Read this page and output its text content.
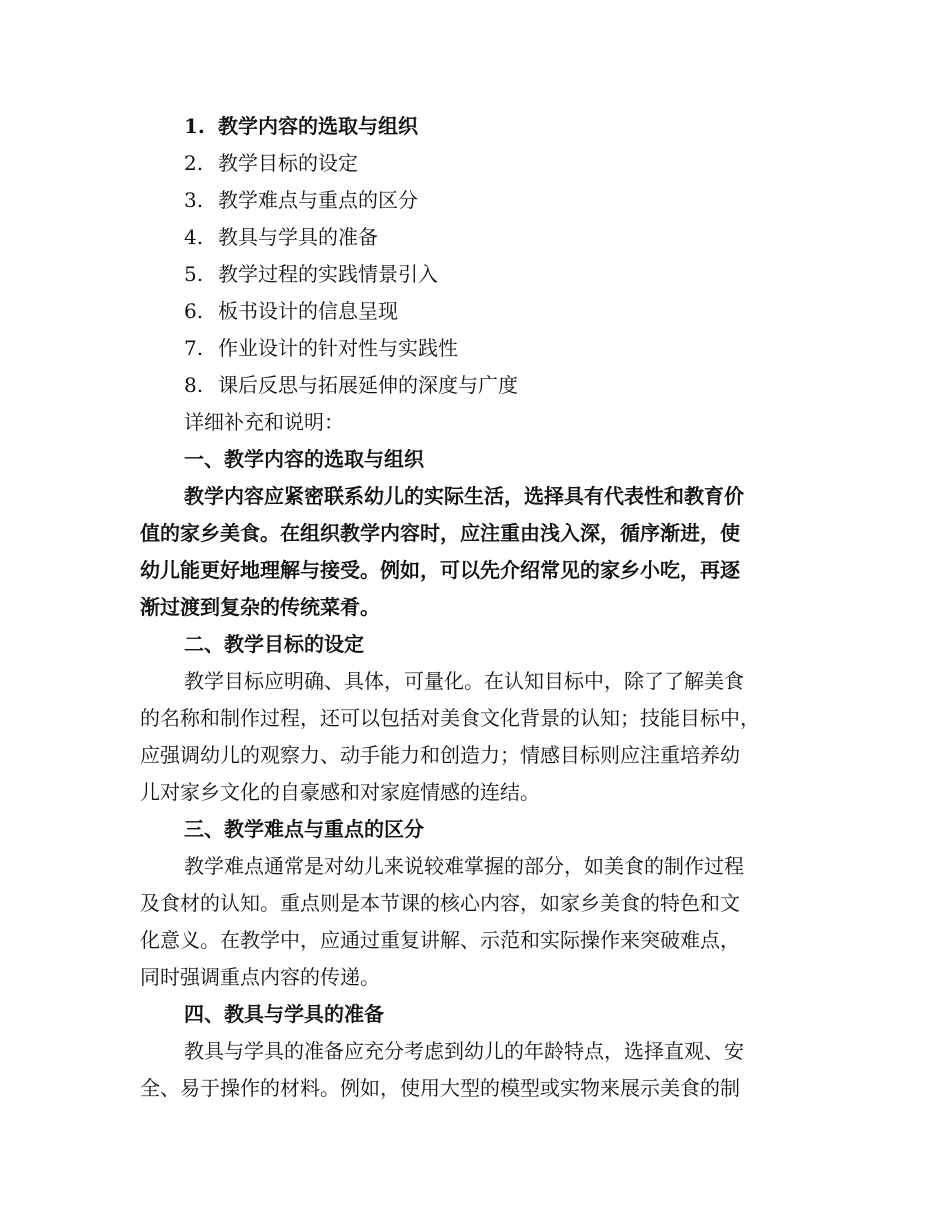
1. 教学内容的选取与组织
2. 教学目标的设定
3. 教学难点与重点的区分
4. 教具与学具的准备
5. 教学过程的实践情景引入
6. 板书设计的信息呈现
7. 作业设计的针对性与实践性
8. 课后反思与拓展延伸的深度与广度
详细补充和说明：
一、教学内容的选取与组织
教学内容应紧密联系幼儿的实际生活，选择具有代表性和教育价
值的家乡美食。在组织教学内容时，应注重由浅入深，循序渐进，使
幼儿能更好地理解与接受。例如，可以先介绍常见的家乡小吃，再逐
渐过渡到复杂的传统菜肴。
二、教学目标的设定
教学目标应明确、具体，可量化。在认知目标中，除了了解美食
的名称和制作过程，还可以包括对美食文化背景的认知；技能目标中，
应强调幼儿的观察力、动手能力和创造力；情感目标则应注重培养幼
儿对家乡文化的自豪感和对家庭情感的连结。
三、教学难点与重点的区分
教学难点通常是对幼儿来说较难掌握的部分，如美食的制作过程
及食材的认知。重点则是本节课的核心内容，如家乡美食的特色和文
化意义。在教学中，应通过重复讲解、示范和实际操作来突破难点，
同时强调重点内容的传递。
四、教具与学具的准备
教具与学具的准备应充分考虑到幼儿的年龄特点，选择直观、安
全、易于操作的材料。例如，使用大型的模型或实物来展示美食的制
